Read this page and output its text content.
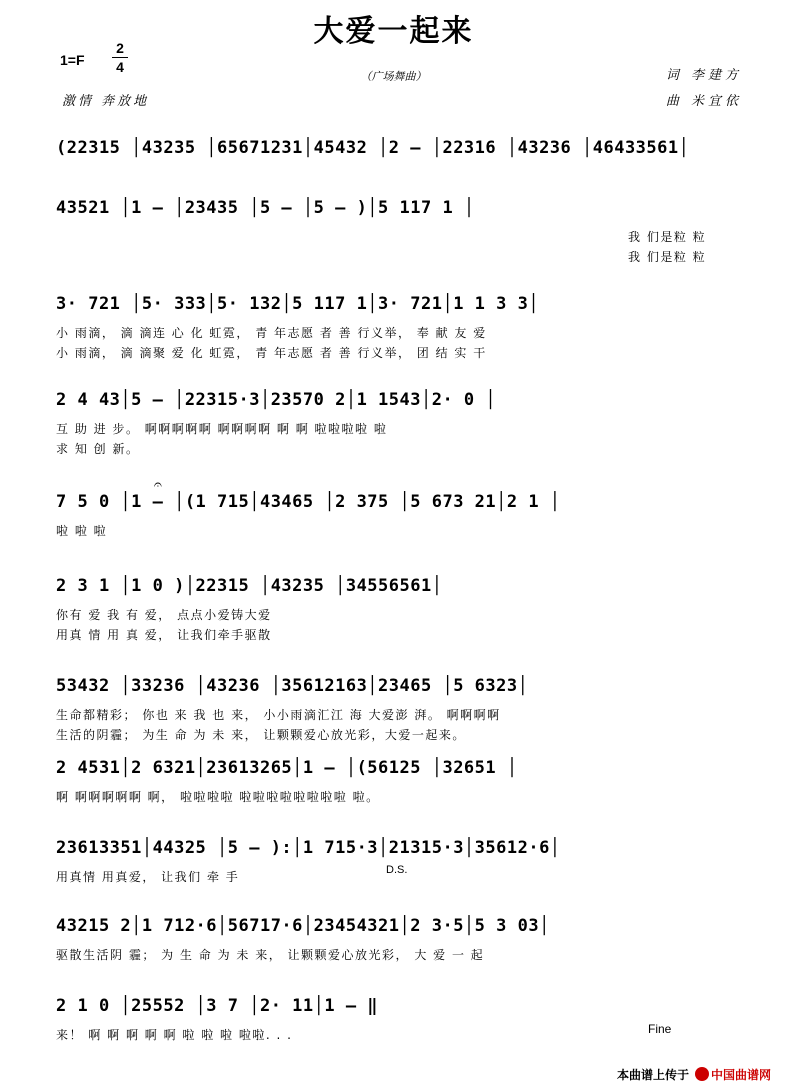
大爱一起来
1=F
2
4
（广场舞曲）
激情 奔放地
词 李建方
曲 米宜依
(22315 │43235 │65671231│45432 │2 — │22316 │43236 │46433561│
43521 │1 — │23435 │5 — │5 — )│5 117 1 │
我 们是粒 粒
我 们是粒 粒
3· 721 │5· 333│5· 132│5 117 1│3· 721│1 1 3 3│
小 雨滴， 滴 滴连 心 化 虹霓， 青 年志愿 者 善 行义举， 奉 献 友 爱
小 雨滴， 滴 滴聚 爱 化 虹霓， 青 年志愿 者 善 行义举， 团 结 实 干
2 4 43│5 — │22315·3│23570 2│1 1543│2· 0 │
互 助 进 步。 啊啊啊啊啊 啊啊啊啊 啊 啊 啦啦啦啦 啦
求 知 创 新。
7 5 0 │1 — │(1 715│43465 │2 375 │5 673 21│2 1 │
啦 啦 啦
2 3 1 │1 0 )│22315 │43235 │34556561│
你有 爱 我 有 爱， 点点小爱铸大爱
用真 情 用 真 爱， 让我们牵手驱散
53432 │33236 │43236 │35612163│23465 │5 6323│
生命都精彩； 你也 来 我 也 来， 小小雨滴汇江 海 大爱澎 湃。 啊啊啊啊
生活的阴霾； 为生 命 为 未 来， 让颗颗爱心放光彩，大爱一起来。
2 4531│2 6321│23613265│1 — │(56125 │32651 │
啊 啊啊啊啊啊 啊， 啦啦啦啦 啦啦啦啦啦啦啦啦 啦。
23613351│44325 │5 — ):│1 715·3│21315·3│35612·6│
用真情 用真爱， 让我们 牵 手
43215 2│1 712·6│56717·6│23454321│2 3·5│5 3 03│
驱散生活阴 霾； 为 生 命 为 未 来， 让颗颗爱心放光彩， 大 爱 一 起
2 1 0 │25552 │3 7 │2· 11│1 — ‖
来！ 啊 啊 啊 啊 啊 啦 啦 啦 啦啦. . .
D.S.
Fine
𝄐
本曲谱上传于 中国曲谱网
